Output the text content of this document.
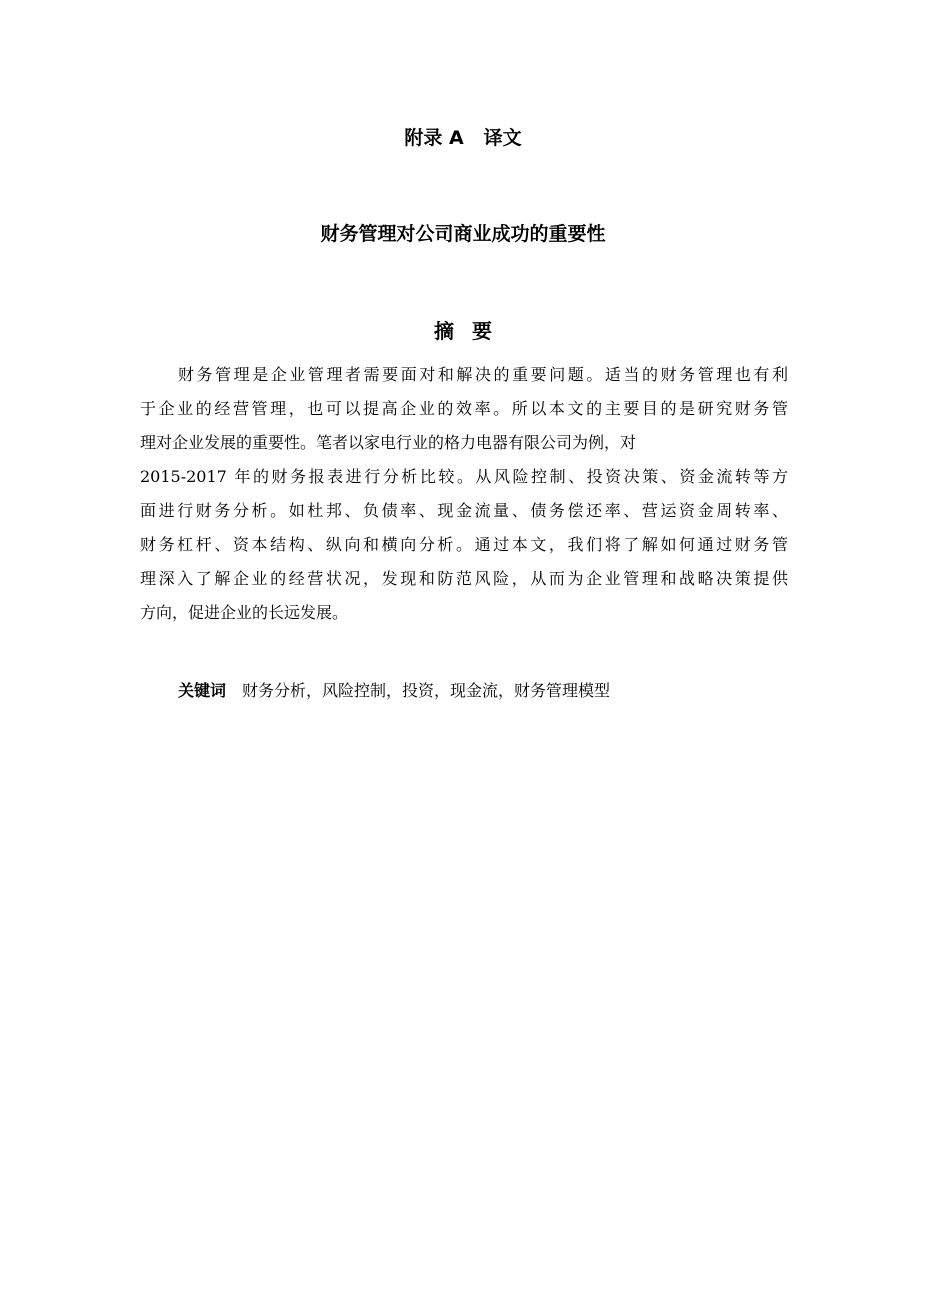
附录 A 译文
财务管理对公司商业成功的重要性
摘要
财务管理是企业管理者需要面对和解决的重要问题。适当的财务管理也有利
于企业的经营管理，也可以提高企业的效率。所以本文的主要目的是研究财务管
理对企业发展的重要性。笔者以家电行业的格力电器有限公司为例，对
2015-2017 年的财务报表进行分析比较。从风险控制、投资决策、资金流转等方
面进行财务分析。如杜邦、负债率、现金流量、债务偿还率、营运资金周转率、
财务杠杆、资本结构、纵向和横向分析。通过本文，我们将了解如何通过财务管
理深入了解企业的经营状况，发现和防范风险，从而为企业管理和战略决策提供
方向，促进企业的长远发展。
关键词 财务分析，风险控制，投资，现金流，财务管理模型
